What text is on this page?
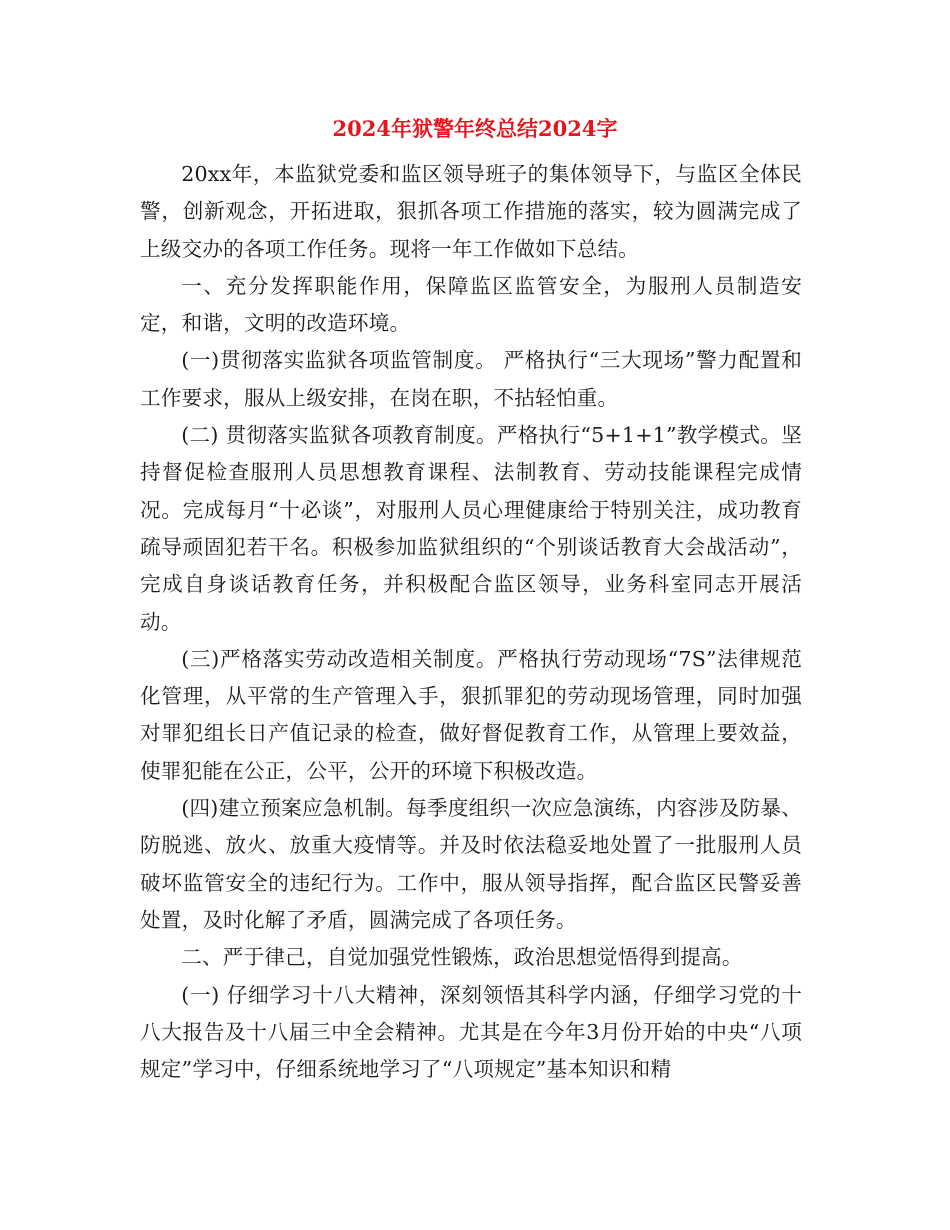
2024年狱警年终总结2024字

20xx年，本监狱党委和监区领导班子的集体领导下，与监区全体民警，创新观念，开拓进取，狠抓各项工作措施的落实，较为圆满完成了上级交办的各项工作任务。现将一年工作做如下总结。

一、充分发挥职能作用，保障监区监管安全，为服刑人员制造安定，和谐，文明的改造环境。

(一)贯彻落实监狱各项监管制度。 严格执行“三大现场”警力配置和工作要求，服从上级安排，在岗在职，不拈轻怕重。

(二) 贯彻落实监狱各项教育制度。严格执行“5+1+1”教学模式。坚持督促检查服刑人员思想教育课程、法制教育、劳动技能课程完成情况。完成每月“十必谈”，对服刑人员心理健康给于特别关注，成功教育疏导顽固犯若干名。积极参加监狱组织的“个别谈话教育大会战活动”，完成自身谈话教育任务，并积极配合监区领导，业务科室同志开展活动。

(三)严格落实劳动改造相关制度。严格执行劳动现场“7S”法律规范化管理，从平常的生产管理入手，狠抓罪犯的劳动现场管理，同时加强对罪犯组长日产值记录的检查，做好督促教育工作，从管理上要效益，使罪犯能在公正，公平，公开的环境下积极改造。

(四)建立预案应急机制。每季度组织一次应急演练，内容涉及防暴、防脱逃、放火、放重大疫情等。并及时依法稳妥地处置了一批服刑人员破坏监管安全的违纪行为。工作中，服从领导指挥，配合监区民警妥善处置，及时化解了矛盾，圆满完成了各项任务。

二、严于律己，自觉加强党性锻炼，政治思想觉悟得到提高。

(一) 仔细学习十八大精神，深刻领悟其科学内涵，仔细学习党的十八大报告及十八届三中全会精神。尤其是在今年3月份开始的中央“八项规定”学习中，仔细系统地学习了“八项规定”基本知识和精
